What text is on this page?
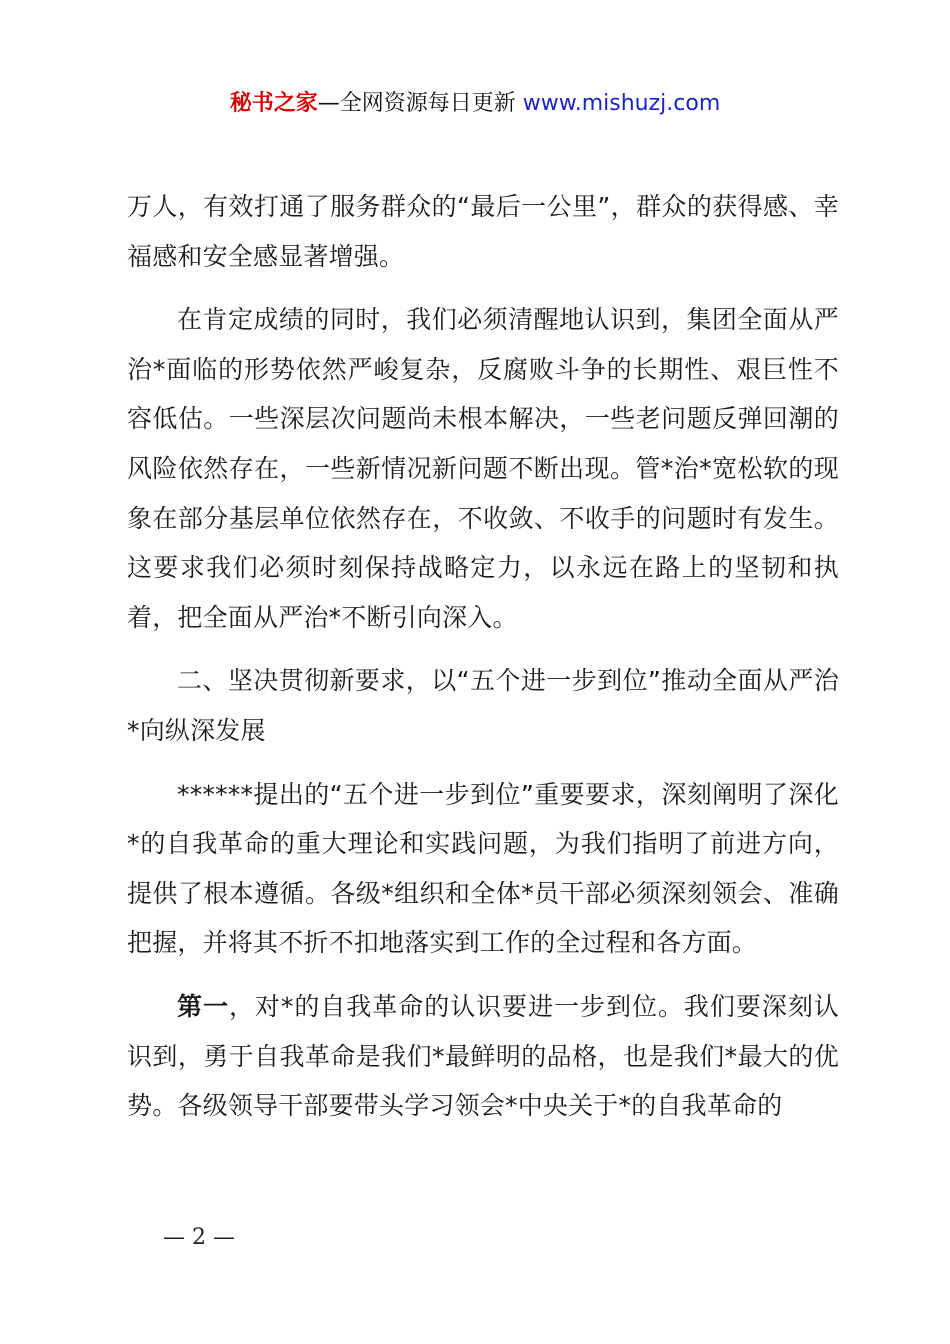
秘书之家—全网资源每日更新 www.mishuzj.com

万人，有效打通了服务群众的“最后一公里”，群众的获得感、幸福感和安全感显著增强。

在肯定成绩的同时，我们必须清醒地认识到，集团全面从严治*面临的形势依然严峻复杂，反腐败斗争的长期性、艰巨性不容低估。一些深层次问题尚未根本解决，一些老问题反弹回潮的风险依然存在，一些新情况新问题不断出现。管*治*宽松软的现象在部分基层单位依然存在，不收敛、不收手的问题时有发生。这要求我们必须时刻保持战略定力，以永远在路上的坚韧和执着，把全面从严治*不断引向深入。

二、坚决贯彻新要求，以“五个进一步到位”推动全面从严治*向纵深发展

******提出的“五个进一步到位”重要要求，深刻阐明了深化*的自我革命的重大理论和实践问题，为我们指明了前进方向，提供了根本遵循。各级*组织和全体*员干部必须深刻领会、准确把握，并将其不折不扣地落实到工作的全过程和各方面。

第一，对*的自我革命的认识要进一步到位。我们要深刻认识到，勇于自我革命是我们*最鲜明的品格，也是我们*最大的优势。各级领导干部要带头学习领会*中央关于*的自我革命的

— 2 —
